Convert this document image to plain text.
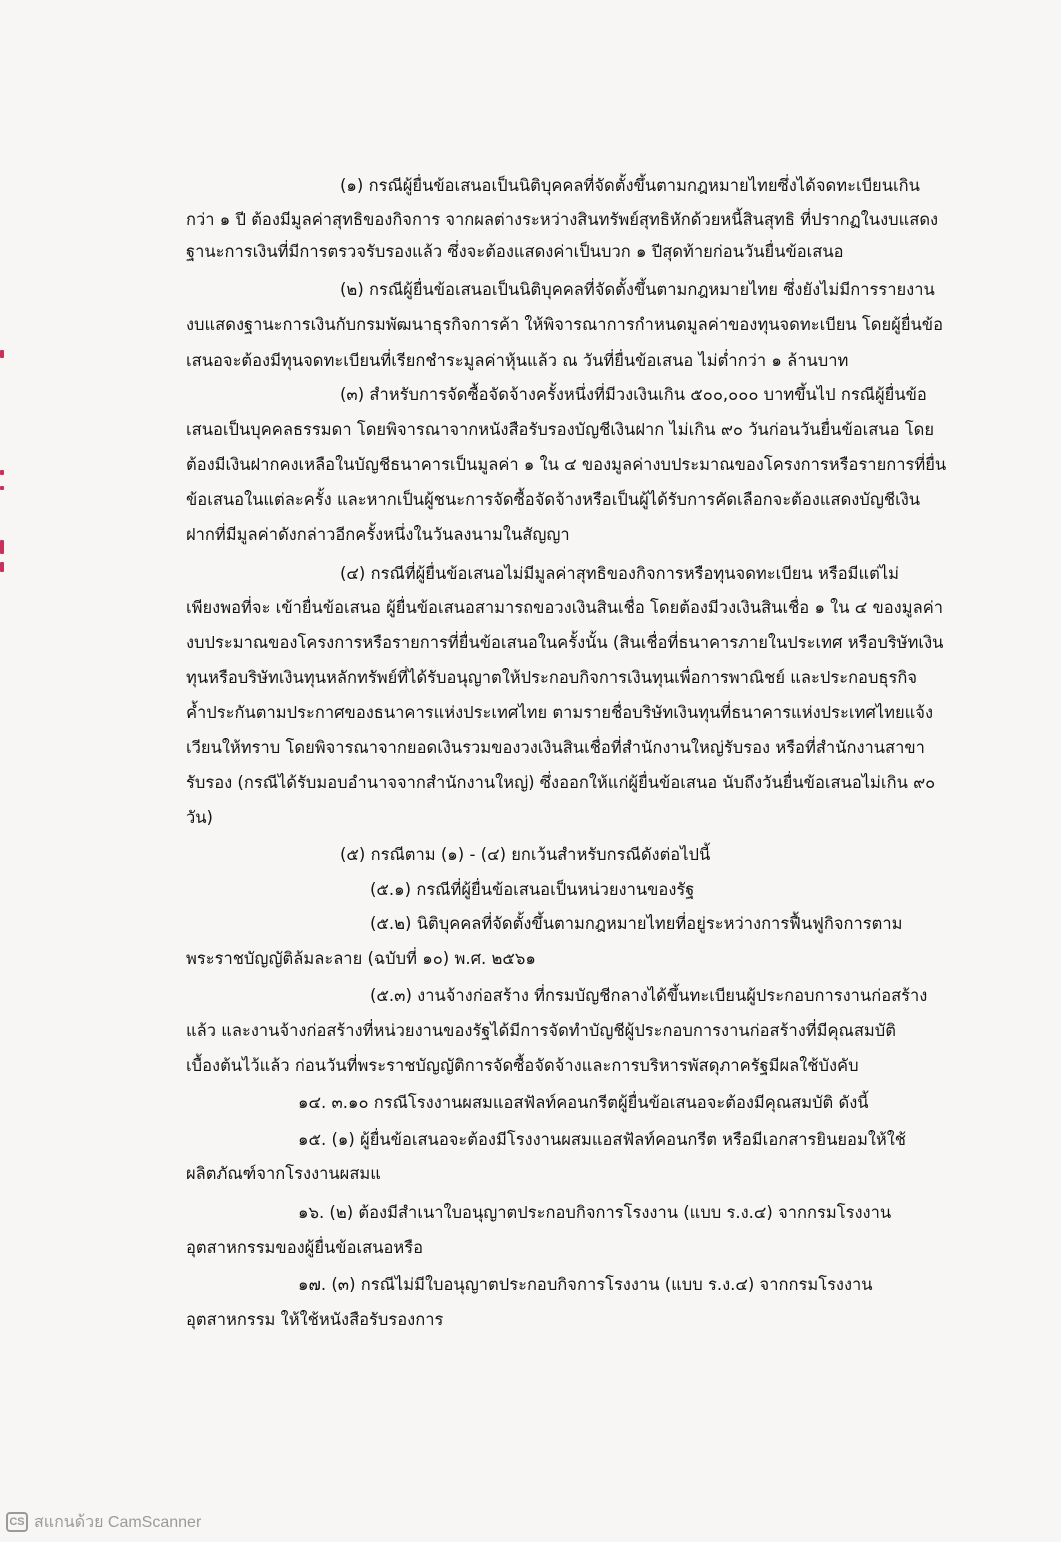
(๑) กรณีผู้ยื่นข้อเสนอเป็นนิติบุคคลที่จัดตั้งขึ้นตามกฎหมายไทยซึ่งได้จดทะเบียนเกิน
กว่า ๑ ปี ต้องมีมูลค่าสุทธิของกิจการ จากผลต่างระหว่างสินทรัพย์สุทธิหักด้วยหนี้สินสุทธิ ที่ปรากฏในงบแสดง
ฐานะการเงินที่มีการตรวจรับรองแล้ว ซึ่งจะต้องแสดงค่าเป็นบวก ๑ ปีสุดท้ายก่อนวันยื่นข้อเสนอ
(๒) กรณีผู้ยื่นข้อเสนอเป็นนิติบุคคลที่จัดตั้งขึ้นตามกฎหมายไทย ซึ่งยังไม่มีการรายงาน
งบแสดงฐานะการเงินกับกรมพัฒนาธุรกิจการค้า ให้พิจารณาการกำหนดมูลค่าของทุนจดทะเบียน โดยผู้ยื่นข้อ
เสนอจะต้องมีทุนจดทะเบียนที่เรียกชำระมูลค่าหุ้นแล้ว ณ วันที่ยื่นข้อเสนอ ไม่ต่ำกว่า ๑ ล้านบาท
(๓) สำหรับการจัดซื้อจัดจ้างครั้งหนึ่งที่มีวงเงินเกิน ๕๐๐,๐๐๐ บาทขึ้นไป กรณีผู้ยื่นข้อ
เสนอเป็นบุคคลธรรมดา โดยพิจารณาจากหนังสือรับรองบัญชีเงินฝาก ไม่เกิน ๙๐ วันก่อนวันยื่นข้อเสนอ โดย
ต้องมีเงินฝากคงเหลือในบัญชีธนาคารเป็นมูลค่า ๑ ใน ๔ ของมูลค่างบประมาณของโครงการหรือรายการที่ยื่น
ข้อเสนอในแต่ละครั้ง และหากเป็นผู้ชนะการจัดซื้อจัดจ้างหรือเป็นผู้ได้รับการคัดเลือกจะต้องแสดงบัญชีเงิน
ฝากที่มีมูลค่าดังกล่าวอีกครั้งหนึ่งในวันลงนามในสัญญา
(๔) กรณีที่ผู้ยื่นข้อเสนอไม่มีมูลค่าสุทธิของกิจการหรือทุนจดทะเบียน หรือมีแต่ไม่
เพียงพอที่จะ เข้ายื่นข้อเสนอ ผู้ยื่นข้อเสนอสามารถขอวงเงินสินเชื่อ โดยต้องมีวงเงินสินเชื่อ ๑ ใน ๔ ของมูลค่า
งบประมาณของโครงการหรือรายการที่ยื่นข้อเสนอในครั้งนั้น (สินเชื่อที่ธนาคารภายในประเทศ หรือบริษัทเงิน
ทุนหรือบริษัทเงินทุนหลักทรัพย์ที่ได้รับอนุญาตให้ประกอบกิจการเงินทุนเพื่อการพาณิชย์ และประกอบธุรกิจ
ค้ำประกันตามประกาศของธนาคารแห่งประเทศไทย ตามรายชื่อบริษัทเงินทุนที่ธนาคารแห่งประเทศไทยแจ้ง
เวียนให้ทราบ โดยพิจารณาจากยอดเงินรวมของวงเงินสินเชื่อที่สำนักงานใหญ่รับรอง หรือที่สำนักงานสาขา
รับรอง (กรณีได้รับมอบอำนาจจากสำนักงานใหญ่) ซึ่งออกให้แก่ผู้ยื่นข้อเสนอ นับถึงวันยื่นข้อเสนอไม่เกิน ๙๐
วัน)
(๕) กรณีตาม (๑) - (๔) ยกเว้นสำหรับกรณีดังต่อไปนี้
(๕.๑) กรณีที่ผู้ยื่นข้อเสนอเป็นหน่วยงานของรัฐ
(๕.๒) นิติบุคคลที่จัดตั้งขึ้นตามกฎหมายไทยที่อยู่ระหว่างการฟื้นฟูกิจการตาม
พระราชบัญญัติล้มละลาย (ฉบับที่ ๑๐) พ.ศ. ๒๕๖๑
(๕.๓) งานจ้างก่อสร้าง ที่กรมบัญชีกลางได้ขึ้นทะเบียนผู้ประกอบการงานก่อสร้าง
แล้ว และงานจ้างก่อสร้างที่หน่วยงานของรัฐได้มีการจัดทำบัญชีผู้ประกอบการงานก่อสร้างที่มีคุณสมบัติ
เบื้องต้นไว้แล้ว ก่อนวันที่พระราชบัญญัติการจัดซื้อจัดจ้างและการบริหารพัสดุภาครัฐมีผลใช้บังคับ
๑๔. ๓.๑๐ กรณีโรงงานผสมแอสฟัลท์คอนกรีตผู้ยื่นข้อเสนอจะต้องมีคุณสมบัติ ดังนี้
๑๕. (๑) ผู้ยื่นข้อเสนอจะต้องมีโรงงานผสมแอสฟัลท์คอนกรีต หรือมีเอกสารยินยอมให้ใช้
ผลิตภัณฑ์จากโรงงานผสมแ
๑๖. (๒) ต้องมีสำเนาใบอนุญาตประกอบกิจการโรงงาน (แบบ ร.ง.๔) จากกรมโรงงาน
อุตสาหกรรมของผู้ยื่นข้อเสนอหรือ
๑๗. (๓) กรณีไม่มีใบอนุญาตประกอบกิจการโรงงาน (แบบ ร.ง.๔) จากกรมโรงงาน
อุตสาหกรรม ให้ใช้หนังสือรับรองการ
CS สแกนด้วย CamScanner
